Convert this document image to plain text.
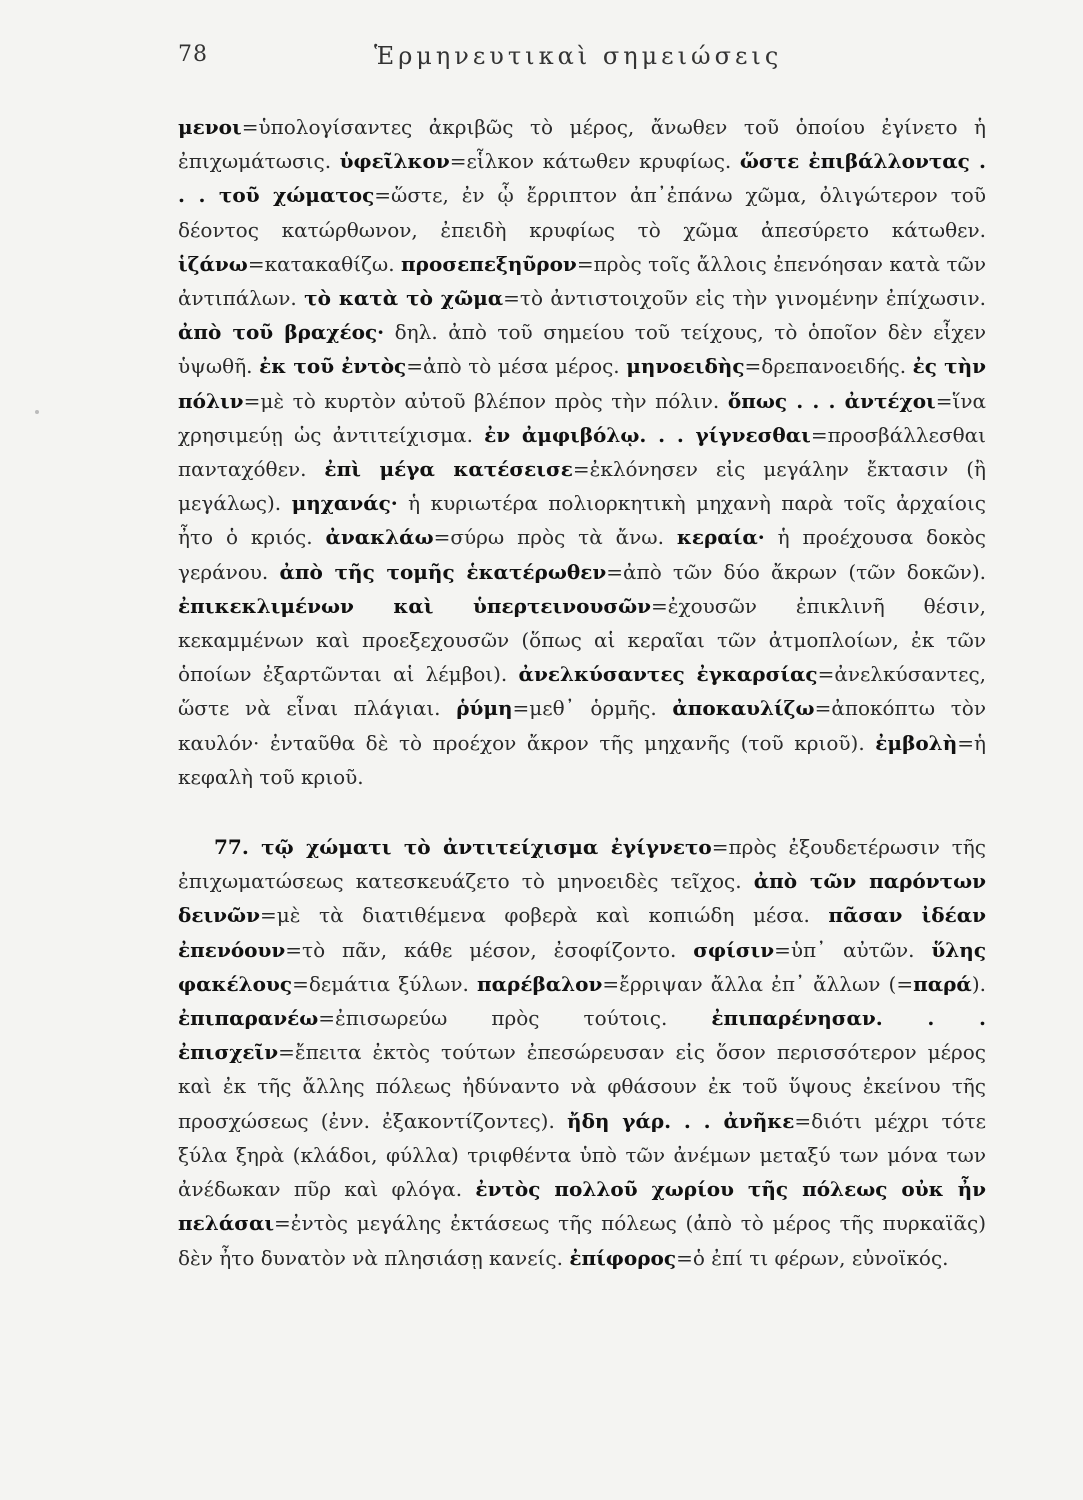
78	Ἑρμηνευτικαὶ σημειώσεις

μενοι=ὑπολογίσαντες ἀκριβῶς τὸ μέρος, ἄνωθεν τοῦ ὁποίου ἐγίνετο ἡ ἐπιχωμάτωσις. ὑφεῖλκον=εἷλκον κάτωθεν κρυφίως. ὥστε ἐπιβάλλοντας . . . τοῦ χώματος=ὥστε, ἐν ᾧ ἔρριπτον ἀπ᾿ἐπάνω χῶμα, ὀλιγώτερον τοῦ δέοντος κατώρθωνον, ἐπειδὴ κρυφίως τὸ χῶμα ἀπεσύρετο κάτωθεν. ἱζάνω=κατακαθίζω. προσεπεξηῦρον=πρὸς τοῖς ἄλλοις ἐπενόησαν κατὰ τῶν ἀντιπάλων. τὸ κατὰ τὸ χῶμα=τὸ ἀντιστοιχοῦν εἰς τὴν γινομένην ἐπίχωσιν. ἀπὸ τοῦ βραχέος· δηλ. ἀπὸ τοῦ σημείου τοῦ τείχους, τὸ ὁποῖον δὲν εἶχεν ὑψωθῆ. ἐκ τοῦ ἐντὸς=ἀπὸ τὸ μέσα μέρος. μηνοειδὴς=δρεπανοειδής. ἐς τὴν πόλιν=μὲ τὸ κυρτὸν αὐτοῦ βλέπον πρὸς τὴν πόλιν. ὅπως . . . ἀντέχοι=ἵνα χρησιμεύῃ ὡς ἀντιτείχισμα. ἐν ἀμφιβόλῳ. . . γίγνεσθαι=προσβάλλεσθαι πανταχόθεν. ἐπὶ μέγα κατέσεισε=ἐκλόνησεν εἰς μεγάλην ἔκτασιν (ἢ μεγάλως). μηχανάς· ἡ κυριωτέρα πολιορκητικὴ μηχανὴ παρὰ τοῖς ἀρχαίοις ἦτο ὁ κριός. ἀνακλάω=σύρω πρὸς τὰ ἄνω. κεραία· ἡ προέχουσα δοκὸς γεράνου. ἀπὸ τῆς τομῆς ἑκατέρωθεν=ἀπὸ τῶν δύο ἄκρων (τῶν δοκῶν). ἐπικεκλιμένων καὶ ὑπερτεινουσῶν=ἐχουσῶν ἐπικλινῆ θέσιν, κεκαμμένων καὶ προεξεχουσῶν (ὅπως αἱ κεραῖαι τῶν ἀτμοπλοίων, ἐκ τῶν ὁποίων ἐξαρτῶνται αἱ λέμβοι). ἀνελκύσαντες ἐγκαρσίας=ἀνελκύσαντες, ὥστε νὰ εἶναι πλάγιαι. ῥύμη=μεθ᾿ ὁρμῆς. ἀποκαυλίζω=ἀποκόπτω τὸν καυλόν· ἐνταῦθα δὲ τὸ προέχον ἄκρον τῆς μηχανῆς (τοῦ κριοῦ). ἐμβολὴ=ἡ κεφαλὴ τοῦ κριοῦ.

77. τῷ χώματι τὸ ἀντιτείχισμα ἐγίγνετο=πρὸς ἐξουδετέρωσιν τῆς ἐπιχωματώσεως κατεσκευάζετο τὸ μηνοειδὲς τεῖχος. ἀπὸ τῶν παρόντων δεινῶν=μὲ τὰ διατιθέμενα φοβερὰ καὶ κοπιώδη μέσα. πᾶσαν ἰδέαν ἐπενόουν=τὸ πᾶν, κάθε μέσον, ἐσοφίζοντο. σφίσιν=ὑπ᾿ αὐτῶν. ὕλης φακέλους=δεμάτια ξύλων. παρέβαλον=ἔρριψαν ἄλλα ἐπ᾿ ἄλλων (=παρά). ἐπιπαρανέω=ἐπισωρεύω πρὸς τούτοις. ἐπιπαρένησαν. . . ἐπισχεῖν=ἔπειτα ἐκτὸς τούτων ἐπεσώρευσαν εἰς ὅσον περισσότερον μέρος καὶ ἐκ τῆς ἄλλης πόλεως ἠδύναντο νὰ φθάσουν ἐκ τοῦ ὕψους ἐκείνου τῆς προσχώσεως (ἐνν. ἐξακοντίζοντες). ἤδη γάρ. . . ἀνῆκε=διότι μέχρι τότε ξύλα ξηρὰ (κλάδοι, φύλλα) τριφθέντα ὑπὸ τῶν ἀνέμων μεταξύ των μόνα των ἀνέδωκαν πῦρ καὶ φλόγα. ἐντὸς πολλοῦ χωρίου τῆς πόλεως οὐκ ἦν πελάσαι=ἐντὸς μεγάλης ἐκτάσεως τῆς πόλεως (ἀπὸ τὸ μέρος τῆς πυρκαϊᾶς) δὲν ἦτο δυνατὸν νὰ πλησιάσῃ κανείς. ἐπίφορος=ὁ ἐπί τι φέρων, εὐνοϊκός.
